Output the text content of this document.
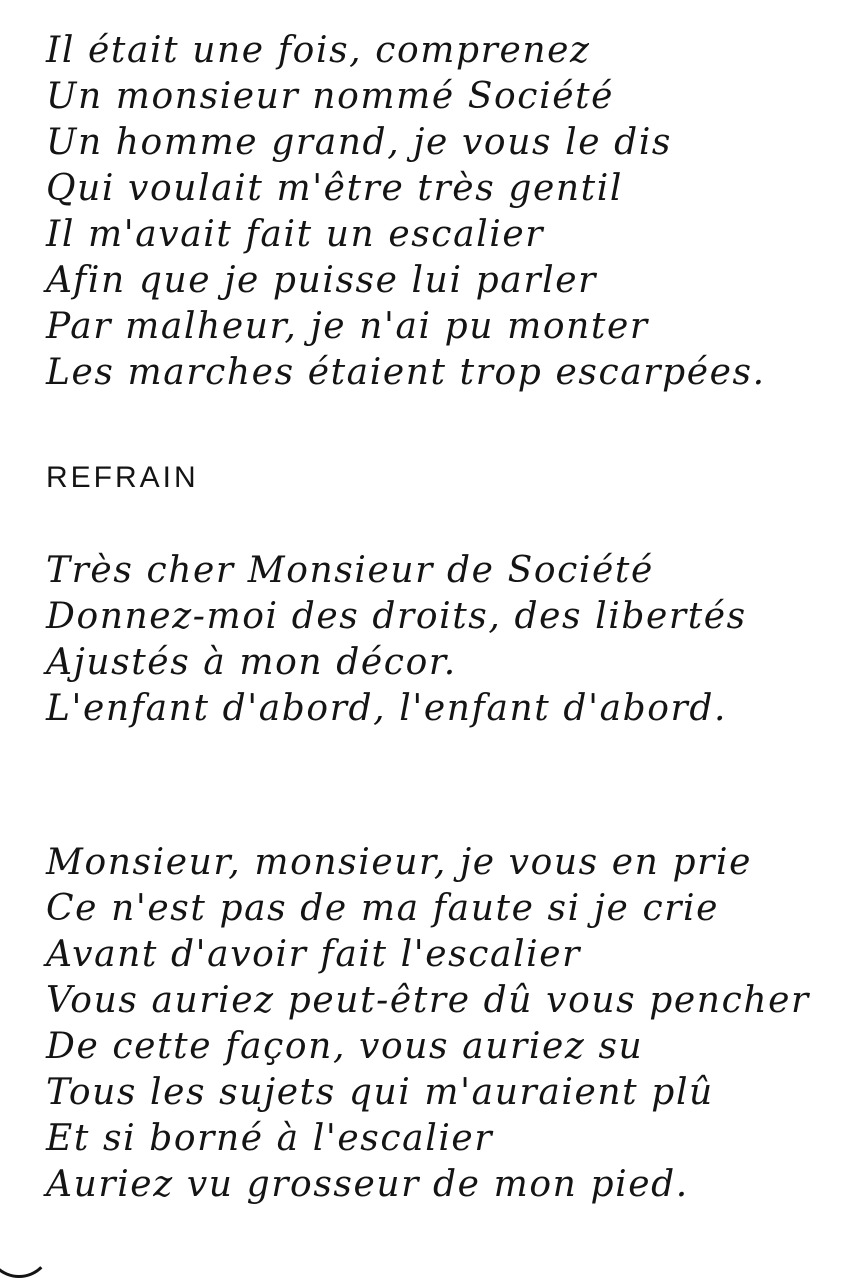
Il était une fois, comprenez
Un monsieur nommé Société
Un homme grand, je vous le dis
Qui voulait m'être très gentil
Il m'avait fait un escalier
Afin que je puisse lui parler
Par malheur, je n'ai pu monter
Les marches étaient trop escarpées.
REFRAIN
Très cher Monsieur de Société
Donnez-moi des droits, des libertés
Ajustés à mon décor.
L'enfant d'abord, l'enfant d'abord.
Monsieur, monsieur, je vous en prie
Ce n'est pas de ma faute si je crie
Avant d'avoir fait l'escalier
Vous auriez peut-être dû vous pencher
De cette façon, vous auriez su
Tous les sujets qui m'auraient plû
Et si borné à l'escalier
Auriez vu grosseur de mon pied.
